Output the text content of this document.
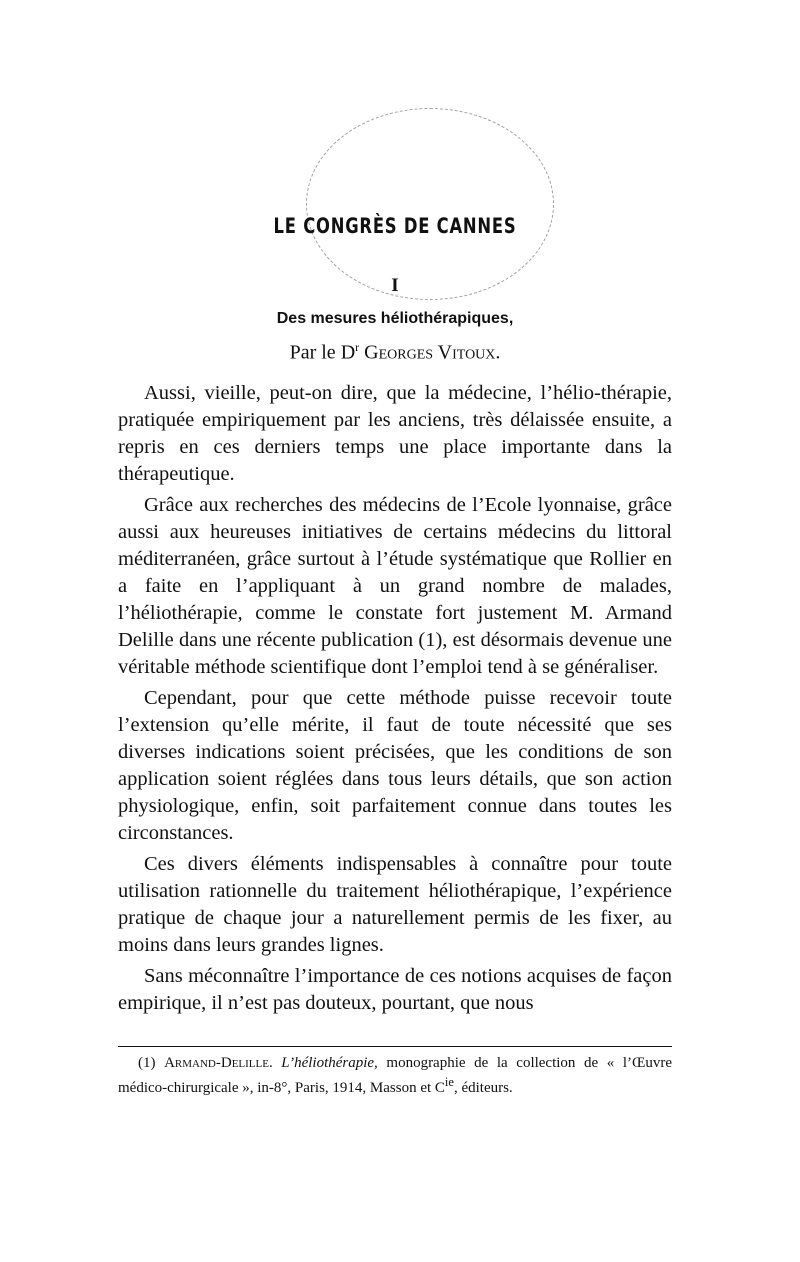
LE CONGRÈS DE CANNES
I
Des mesures héliothérapiques,
Par le $D^r$ Georges Vitoux.

Aussi, vieille, peut-on dire, que la médecine, l’hélio-thérapie, pratiquée empiriquement par les anciens, très délaissée ensuite, a repris en ces derniers temps une place importante dans la thérapeutique.

Grâce aux recherches des médecins de l’Ecole lyonnaise, grâce aussi aux heureuses initiatives de certains médecins du littoral méditerranéen, grâce surtout à l’étude systématique que Rollier en a faite en l’appliquant à un grand nombre de malades, l’héliothérapie, comme le constate fort justement M. Armand Delille dans une récente publication (1), est désormais devenue une véritable méthode scientifique dont l’emploi tend à se généraliser.

Cependant, pour que cette méthode puisse recevoir toute l’extension qu’elle mérite, il faut de toute nécessité que ses diverses indications soient précisées, que les conditions de son application soient réglées dans tous leurs détails, que son action physiologique, enfin, soit parfaitement connue dans toutes les circonstances.

Ces divers éléments indispensables à connaître pour toute utilisation rationnelle du traitement héliothérapique, l’expérience pratique de chaque jour a naturellement permis de les fixer, au moins dans leurs grandes lignes.

Sans méconnaître l’importance de ces notions acquises de façon empirique, il n’est pas douteux, pourtant, que nous

(1) Armand-Delille. L’héliothérapie, monographie de la collection de « l’Œuvre médico-chirurgicale », in-8°, Paris, 1914, Masson et $C^{ie}$, éditeurs.
